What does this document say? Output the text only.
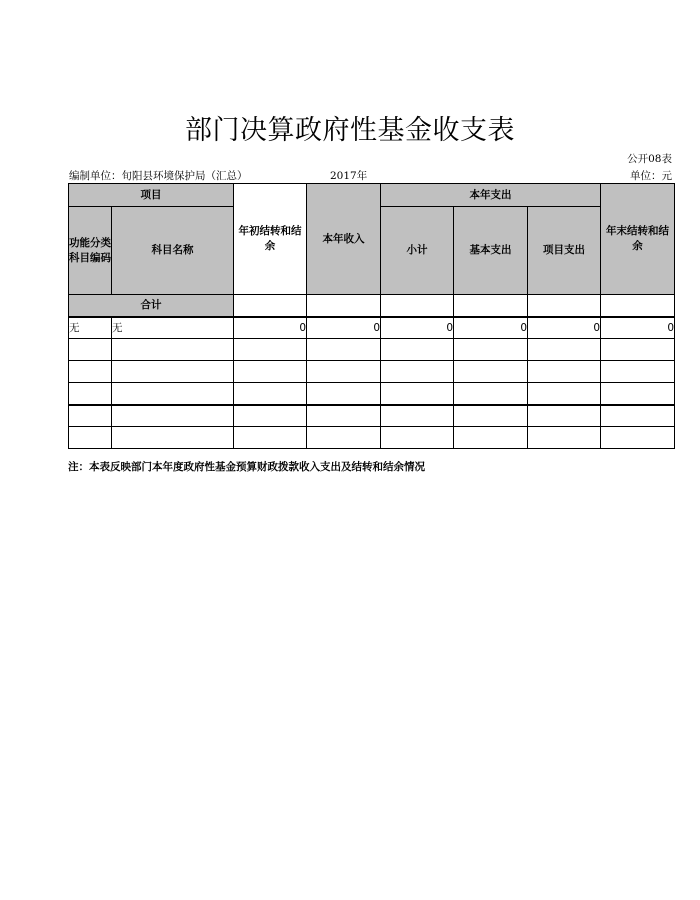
部门决算政府性基金收支表
公开08表
编制单位：旬阳县环境保护局（汇总）	2017年	单位：元
项目		年初结转和结余	本年收入	本年支出			年末结转和结余
功能分类科目编码	科目名称			小计	基本支出	项目支出	
合计							
无	无	0	0	0	0	0	0

注：本表反映部门本年度政府性基金预算财政拨款收入支出及结转和结余情况
